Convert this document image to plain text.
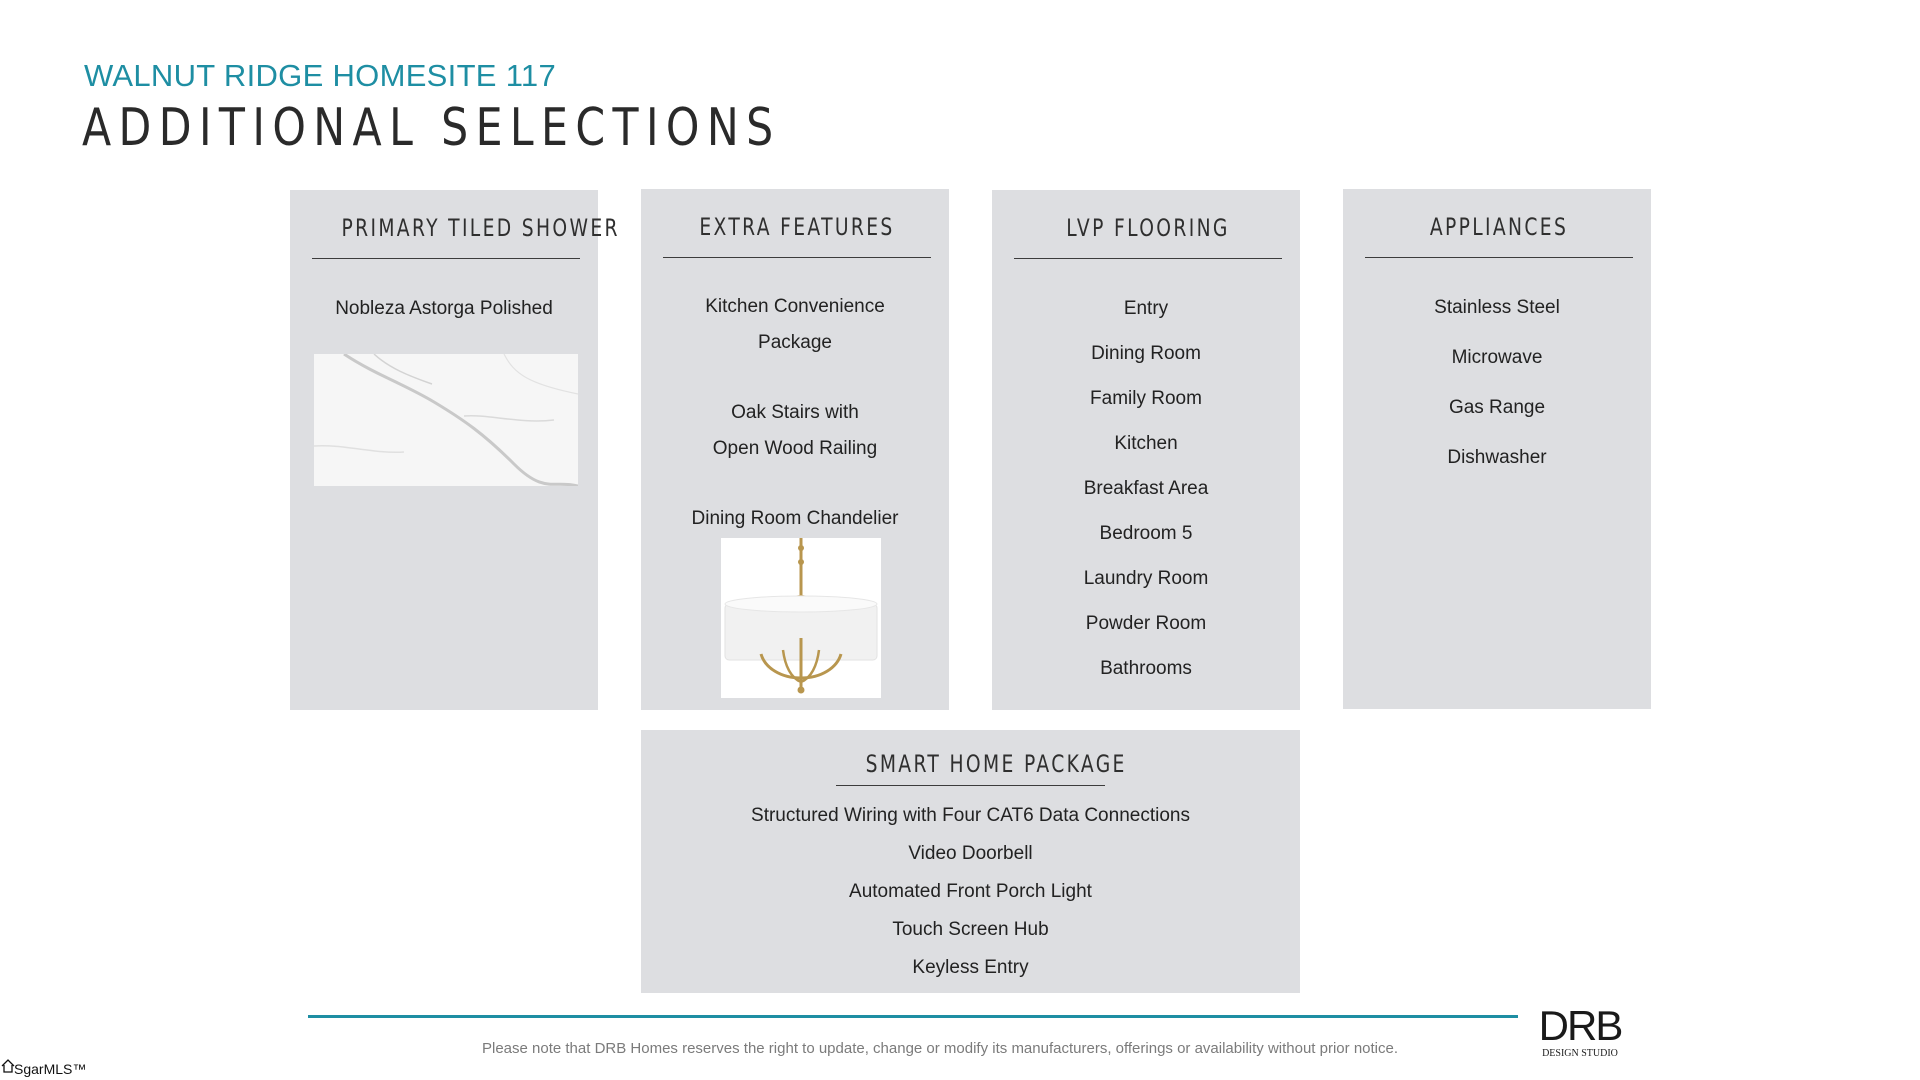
WALNUT RIDGE HOMESITE 117
ADDITIONAL SELECTIONS
PRIMARY TILED SHOWER
Nobleza Astorga Polished
EXTRA FEATURES
Kitchen Convenience
Package
Oak Stairs with
Open Wood Railing
Dining Room Chandelier
LVP FLOORING
Entry
Dining Room
Family Room
Kitchen
Breakfast Area
Bedroom 5
Laundry Room
Powder Room
Bathrooms
APPLIANCES
Stainless Steel
Microwave
Gas Range
Dishwasher
SMART HOME PACKAGE
Structured Wiring with Four CAT6 Data Connections
Video Doorbell
Automated Front Porch Light
Touch Screen Hub
Keyless Entry
Please note that DRB Homes reserves the right to update, change or modify its manufacturers, offerings or availability without prior notice.	DRB
DESIGN STUDIO
SgarMLS™
